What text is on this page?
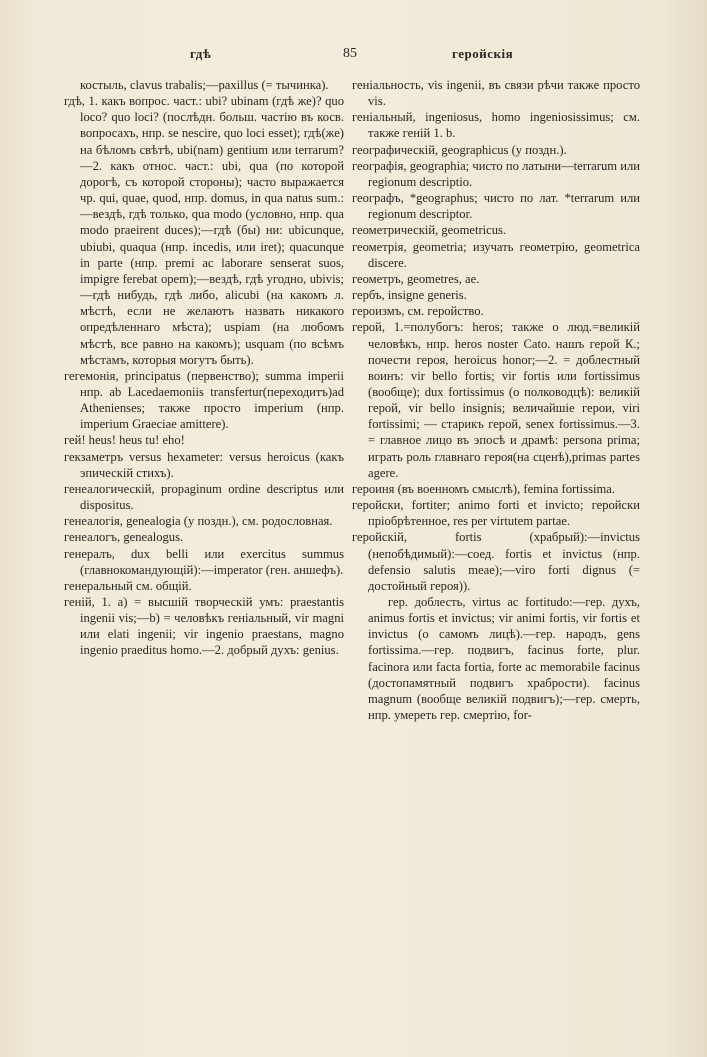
гдѣ	85	геройскія

костыль, clavus trabalis;—paxillus (= тычинка).

гдѣ, 1. какъ вопрос. част.: ubi? ubinam (гдѣ же)? quo loco? quo loci? (послѣдн. больш. частію въ косв. вопросахъ, нпр. se nescire, quo loci esset); гдѣ(же) на бѣломъ свѣтѣ, ubi(nam) gentium или terrarum?—2. какъ относ. част.: ubi, qua (по которой дорогѣ, съ которой стороны); часто выражается чр. qui, quae, quod, нпр. domus, in qua natus sum.:—вездѣ, гдѣ только, qua modo (условно, нпр. qua modo praeirent duces);—гдѣ (бы) ни: ubicunque, ubiubi, quaqua (нпр. incedis, или iret); quacunque in parte (нпр. premi ac laborare senserat suos, impigre ferebat opem);—вездѣ, гдѣ угодно, ubivis;—гдѣ нибудь, гдѣ либо, alicubi (на какомъ л. мѣстѣ, если не желаютъ назвать никакого опредѣленнаго мѣста); uspiam (на любомъ мѣстѣ, все равно на какомъ); usquam (по всѣмъ мѣстамъ, которыя могутъ быть).

гегемонія, principatus (первенство); summa imperii нпр. ab Lacedaemoniis transfertur(переходитъ)ad Athenienses; также просто imperium (нпр. imperium Graeciae amittere).

гей! heus! heus tu! eho!

гекзаметръ versus hexameter: versus heroicus (какъ эпическій стихъ).

генеалогическій, propaginum ordine descriptus или dispositus.

генеалогія, genealogia (у поздн.), см. родословная.

генеалогъ, genealogus.

генералъ, dux belli или exercitus summus (главнокомандующій):—imperator (ген. аншефъ).

генеральный см. общій.

геній, 1. а) = высшій творческій умъ: praestantis ingenii vis;—b) = человѣкъ геніальный, vir magni или elati ingenii; vir ingenio praestans, magno ingenio praeditus homo.—2. добрый духъ: genius.

геніальность, vis ingenii, въ связи рѣчи также просто vis.

геніальный, ingeniosus, homo ingeniosissimus; см. также геній 1. b.

географическій, geographicus (у поздн.).

географія, geographia; чисто по латыни—terrarum или regionum descriptio.

географъ, *geographus; чисто по лат. *terrarum или regionum descriptor.

геометрическій, geometricus.

геометрія, geometria; изучать геометрію, geometrica discere.

геометръ, geometres, ae.

гербъ, insigne generis.

героизмъ, см. геройство.

герой, 1.=полубогъ: heros; также о люд.=великій человѣкъ, нпр. heros noster Cato. нашъ герой К.; почести героя, heroicus honor;—2. = доблестный воинъ: vir bello fortis; vir fortis или fortissimus (вообще); dux fortissimus (о полководцѣ): великій герой, vir bello insignis; величайшіе герои, viri fortissimi; — старикъ герой, senex fortissimus.—3. = главное лицо въ эпосѣ и драмѣ: persona prima; играть роль главнаго героя(на сценѣ),primas partes agere.

героиня (въ военномъ смыслѣ), femina fortissima.

геройски, fortiter; animo forti et invicto; геройски пріобрѣтенное, res per virtutem partae.

геройскій, fortis (храбрый):—invictus (непобѣдимый):—соед. fortis et invictus (нпр. defensio salutis meae);—viro forti dignus (= достойный героя)).

гер. доблесть, virtus ac fortitudo:—гер. духъ, animus fortis et invictus; vir animi fortis, vir fortis et invictus (о самомъ лицѣ).—гер. народъ, gens fortissima.—гер. подвигъ, facinus forte, plur. facinora или facta fortia, forte ac memorabile facinus (достопамятный подвигъ храбрости). facinus magnum (вообще великій подвигъ);—гер. смерть, нпр. умереть гер. смертію, for-
